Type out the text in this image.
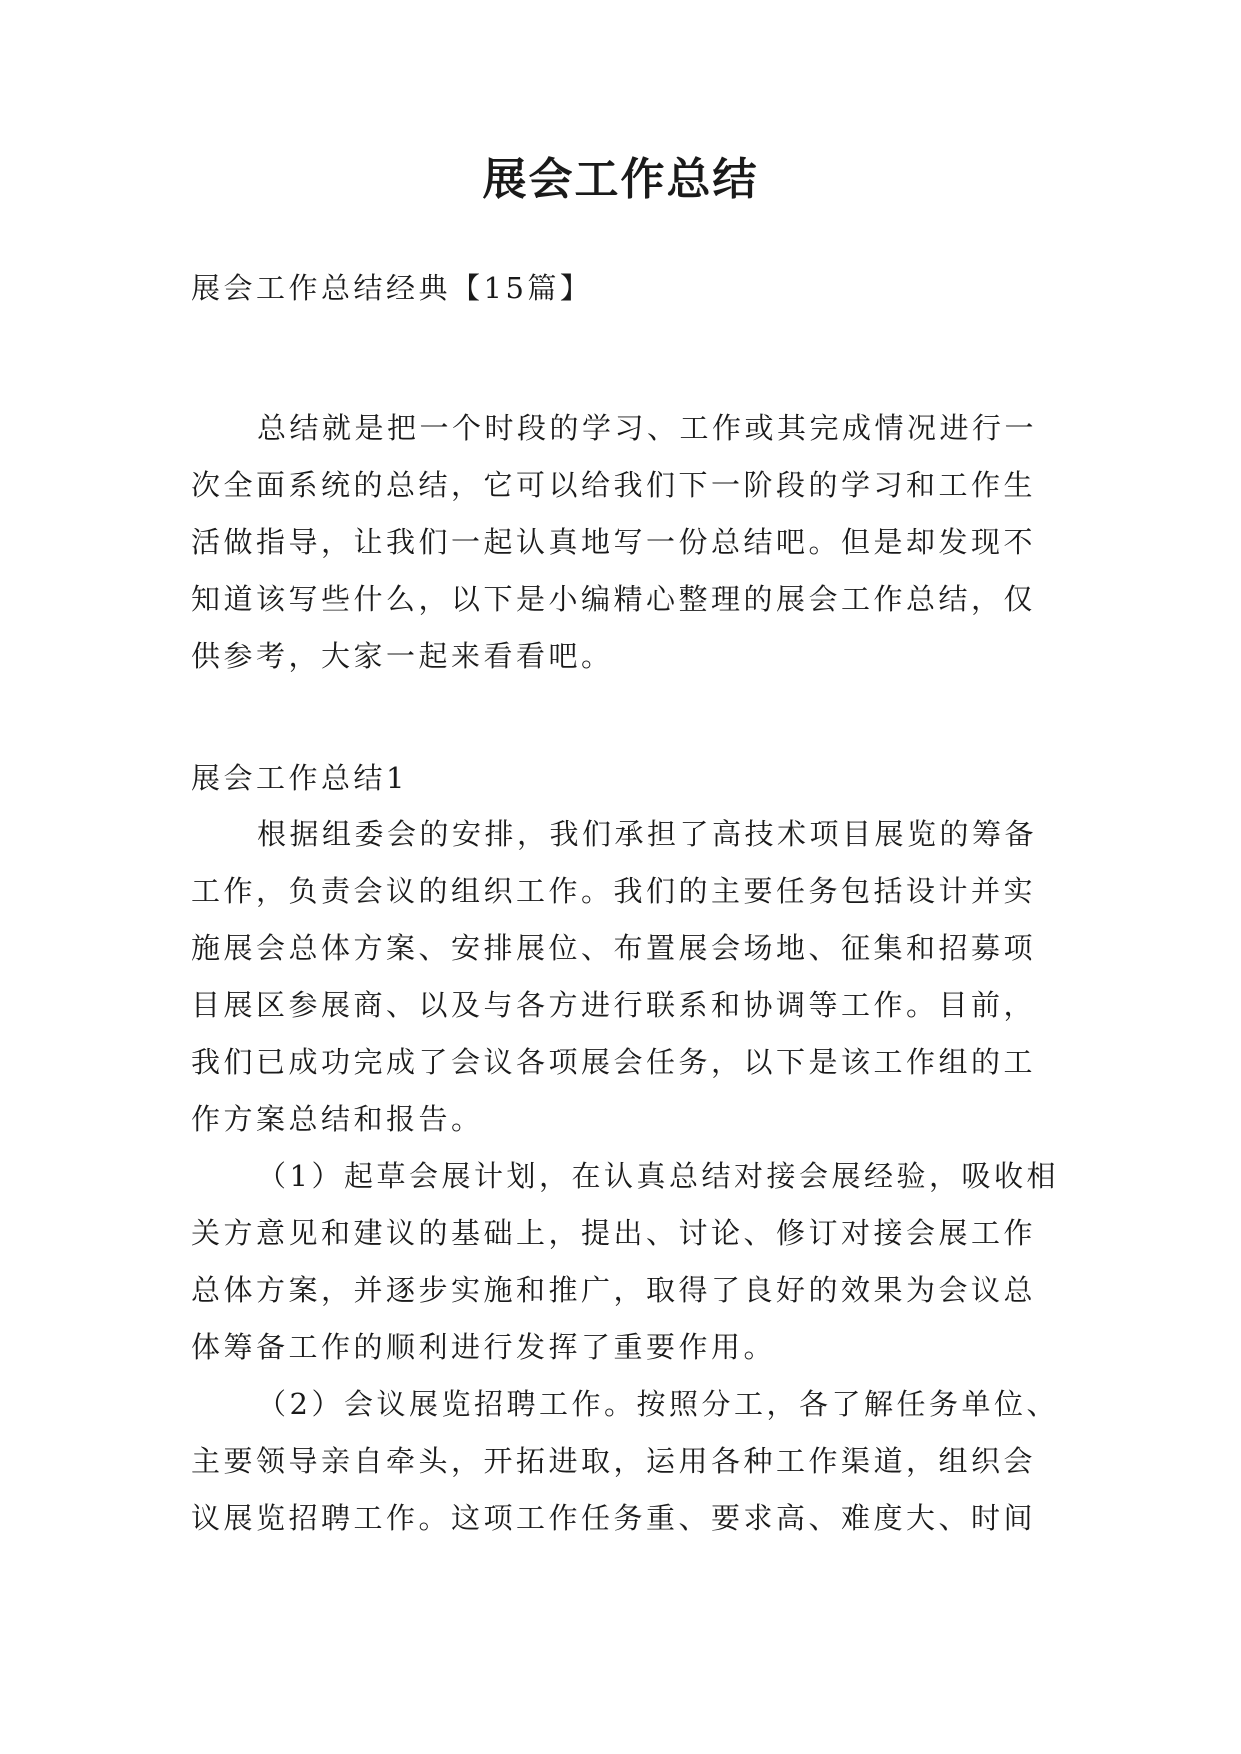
展会工作总结

展会工作总结经典【15篇】

总结就是把一个时段的学习、工作或其完成情况进行一次全面系统的总结，它可以给我们下一阶段的学习和工作生活做指导，让我们一起认真地写一份总结吧。但是却发现不知道该写些什么，以下是小编精心整理的展会工作总结，仅供参考，大家一起来看看吧。

展会工作总结1

根据组委会的安排，我们承担了高技术项目展览的筹备工作，负责会议的组织工作。我们的主要任务包括设计并实施展会总体方案、安排展位、布置展会场地、征集和招募项目展区参展商、以及与各方进行联系和协调等工作。目前，我们已成功完成了会议各项展会任务，以下是该工作组的工作方案总结和报告。

（1）起草会展计划，在认真总结对接会展经验，吸收相关方意见和建议的基础上，提出、讨论、修订对接会展工作总体方案，并逐步实施和推广，取得了良好的效果为会议总体筹备工作的顺利进行发挥了重要作用。

（2）会议展览招聘工作。按照分工，各了解任务单位、主要领导亲自牵头，开拓进取，运用各种工作渠道，组织会议展览招聘工作。这项工作任务重、要求高、难度大、时间
